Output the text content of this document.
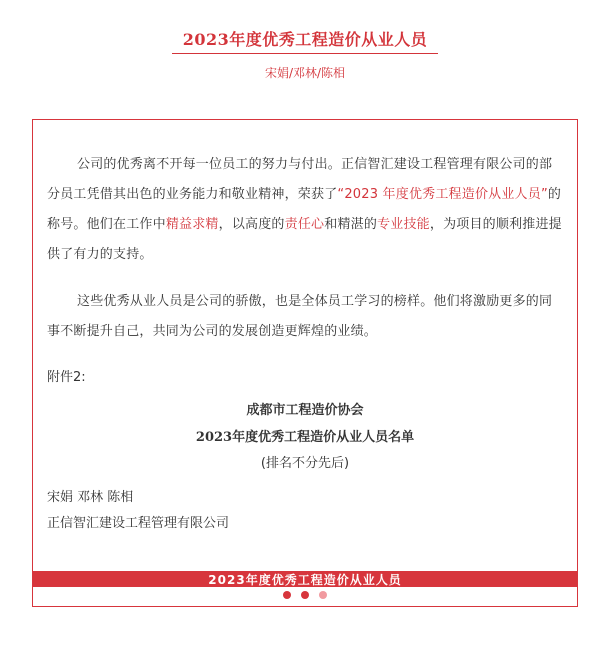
2023年度优秀工程造价从业人员
宋娟/邓林/陈相
公司的优秀离不开每一位员工的努力与付出。正信智汇建设工程管理有限公司的部分员工凭借其出色的业务能力和敬业精神，荣获了“2023 年度优秀工程造价从业人员”的称号。他们在工作中精益求精，以高度的责任心和精湛的专业技能，为项目的顺利推进提供了有力的支持。
这些优秀从业人员是公司的骄傲，也是全体员工学习的榜样。他们将激励更多的同事不断提升自己，共同为公司的发展创造更辉煌的业绩。
附件2:
成都市工程造价协会
2023年度优秀工程造价从业人员名单
(排名不分先后)
宋娟 邓林 陈相
正信智汇建设工程管理有限公司
2023年度优秀工程造价从业人员
